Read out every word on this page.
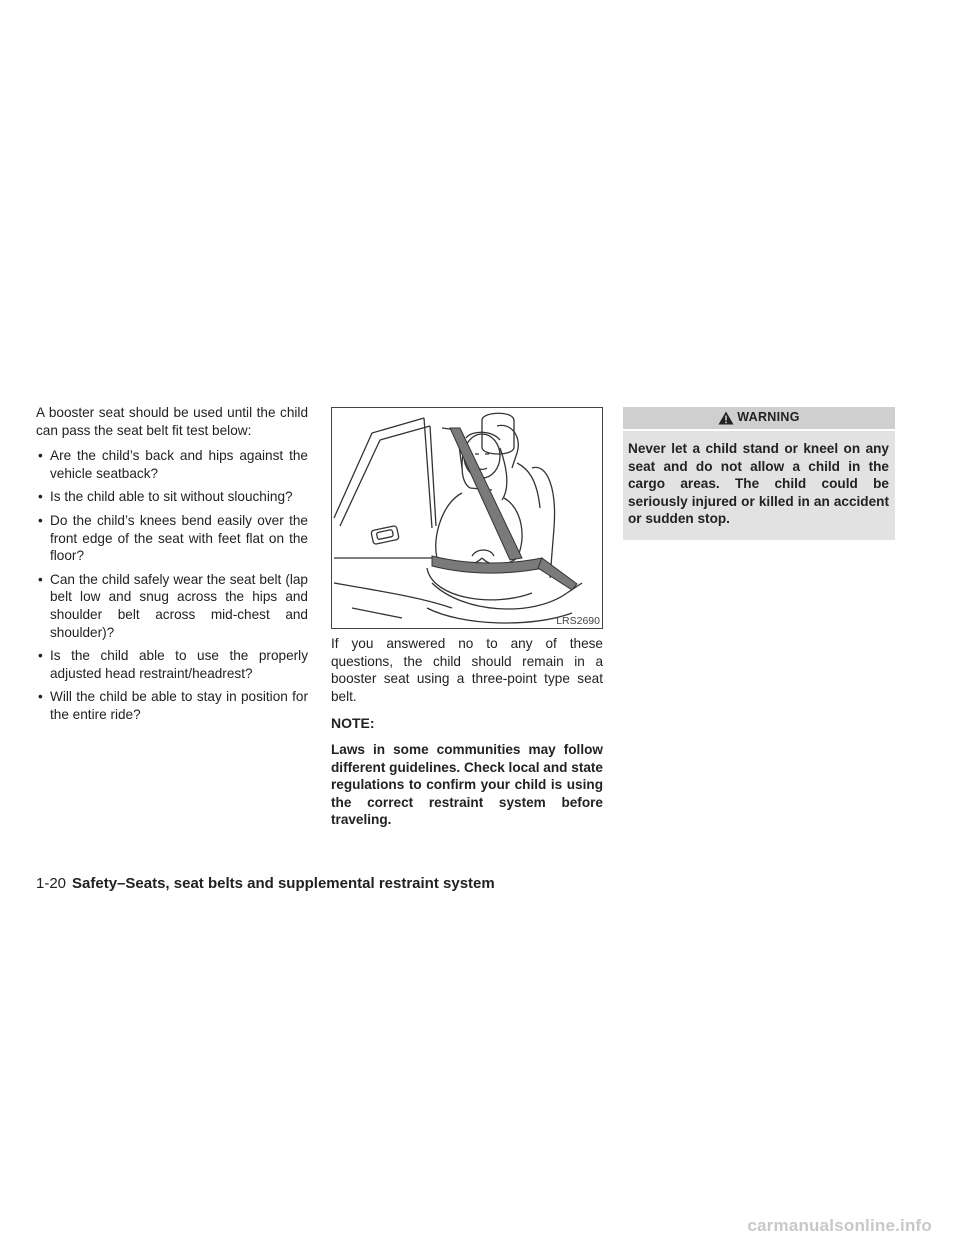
A booster seat should be used until the child can pass the seat belt fit test below:

• Are the child’s back and hips against the vehicle seatback?
• Is the child able to sit without slouching?
• Do the child’s knees bend easily over the front edge of the seat with feet flat on the floor?
• Can the child safely wear the seat belt (lap belt low and snug across the hips and shoulder belt across mid-chest and shoulder)?
• Is the child able to use the properly adjusted head restraint/headrest?
• Will the child be able to stay in position for the entire ride?
LRS2690

If you answered no to any of these questions, the child should remain in a booster seat using a three-point type seat belt.

NOTE:
Laws in some communities may follow different guidelines. Check local and state regulations to confirm your child is using the correct restraint system before traveling.
WARNING
Never let a child stand or kneel on any seat and do not allow a child in the cargo areas. The child could be seriously injured or killed in an accident or sudden stop.
1-20 Safety–Seats, seat belts and supplemental restraint system
carmanualsonline.info
